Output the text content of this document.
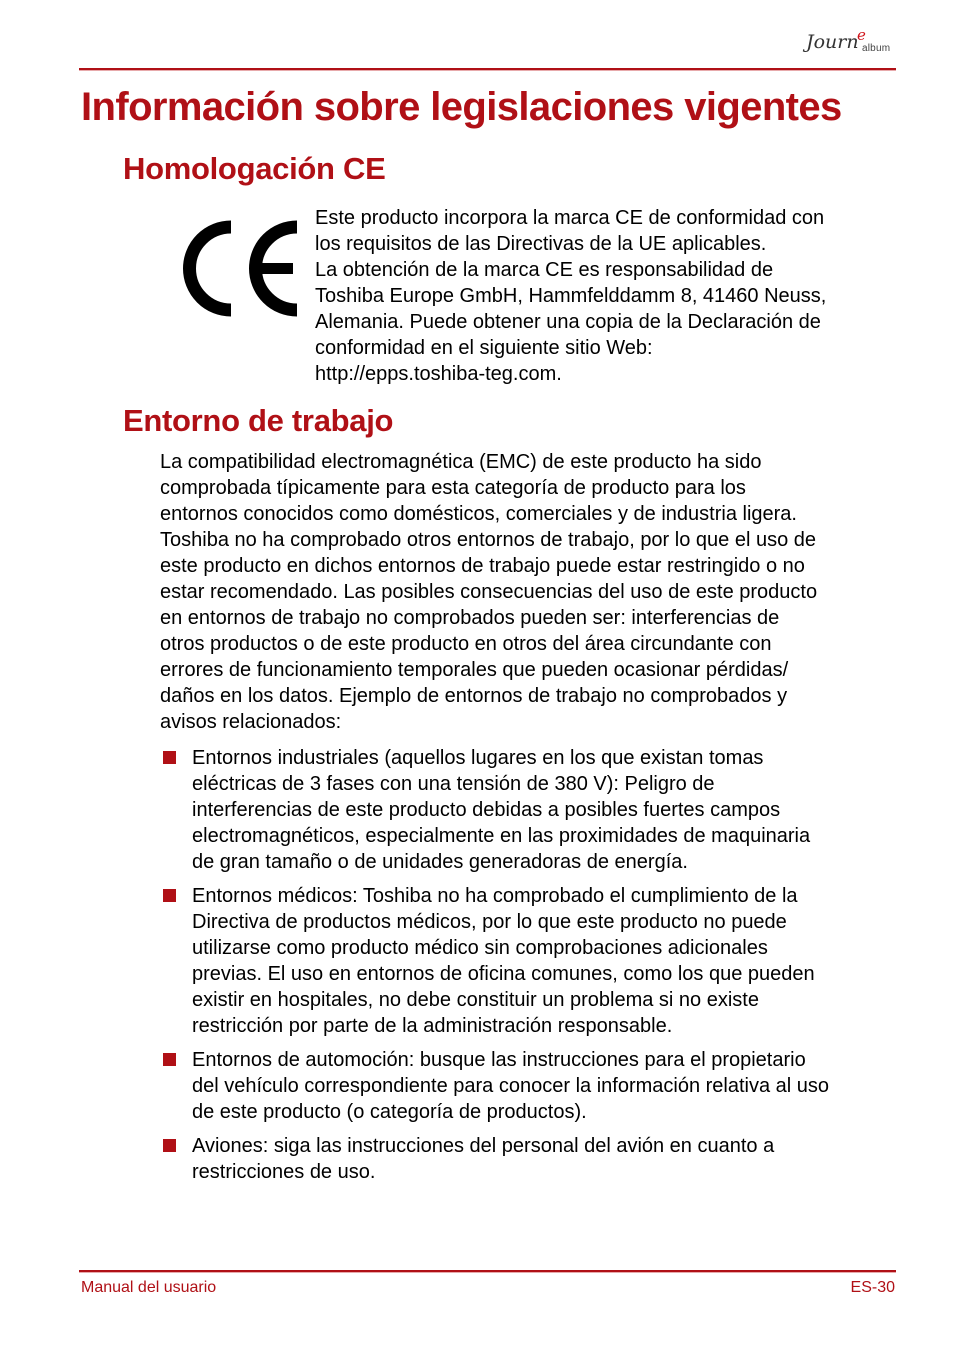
Journ
e
album
Información sobre legislaciones vigentes
Homologación CE

Este producto incorpora la marca CE de conformidad con
los requisitos de las Directivas de la UE aplicables.
La obtención de la marca CE es responsabilidad de
Toshiba Europe GmbH, Hammfelddamm 8, 41460 Neuss,
Alemania. Puede obtener una copia de la Declaración de
conformidad en el siguiente sitio Web:
http://epps.toshiba-teg.com.

Entorno de trabajo

La compatibilidad electromagnética (EMC) de este producto ha sido
comprobada típicamente para esta categoría de producto para los
entornos conocidos como domésticos, comerciales y de industria ligera.
Toshiba no ha comprobado otros entornos de trabajo, por lo que el uso de
este producto en dichos entornos de trabajo puede estar restringido o no
estar recomendado. Las posibles consecuencias del uso de este producto
en entornos de trabajo no comprobados pueden ser: interferencias de
otros productos o de este producto en otros del área circundante con
errores de funcionamiento temporales que pueden ocasionar pérdidas/
daños en los datos. Ejemplo de entornos de trabajo no comprobados y
avisos relacionados:

Entornos industriales (aquellos lugares en los que existan tomas
eléctricas de 3 fases con una tensión de 380 V): Peligro de
interferencias de este producto debidas a posibles fuertes campos
electromagnéticos, especialmente en las proximidades de maquinaria
de gran tamaño o de unidades generadoras de energía.
Entornos médicos: Toshiba no ha comprobado el cumplimiento de la
Directiva de productos médicos, por lo que este producto no puede
utilizarse como producto médico sin comprobaciones adicionales
previas. El uso en entornos de oficina comunes, como los que pueden
existir en hospitales, no debe constituir un problema si no existe
restricción por parte de la administración responsable.
Entornos de automoción: busque las instrucciones para el propietario
del vehículo correspondiente para conocer la información relativa al uso
de este producto (o categoría de productos).
Aviones: siga las instrucciones del personal del avión en cuanto a
restricciones de uso.
Manual del usuario	ES-30
